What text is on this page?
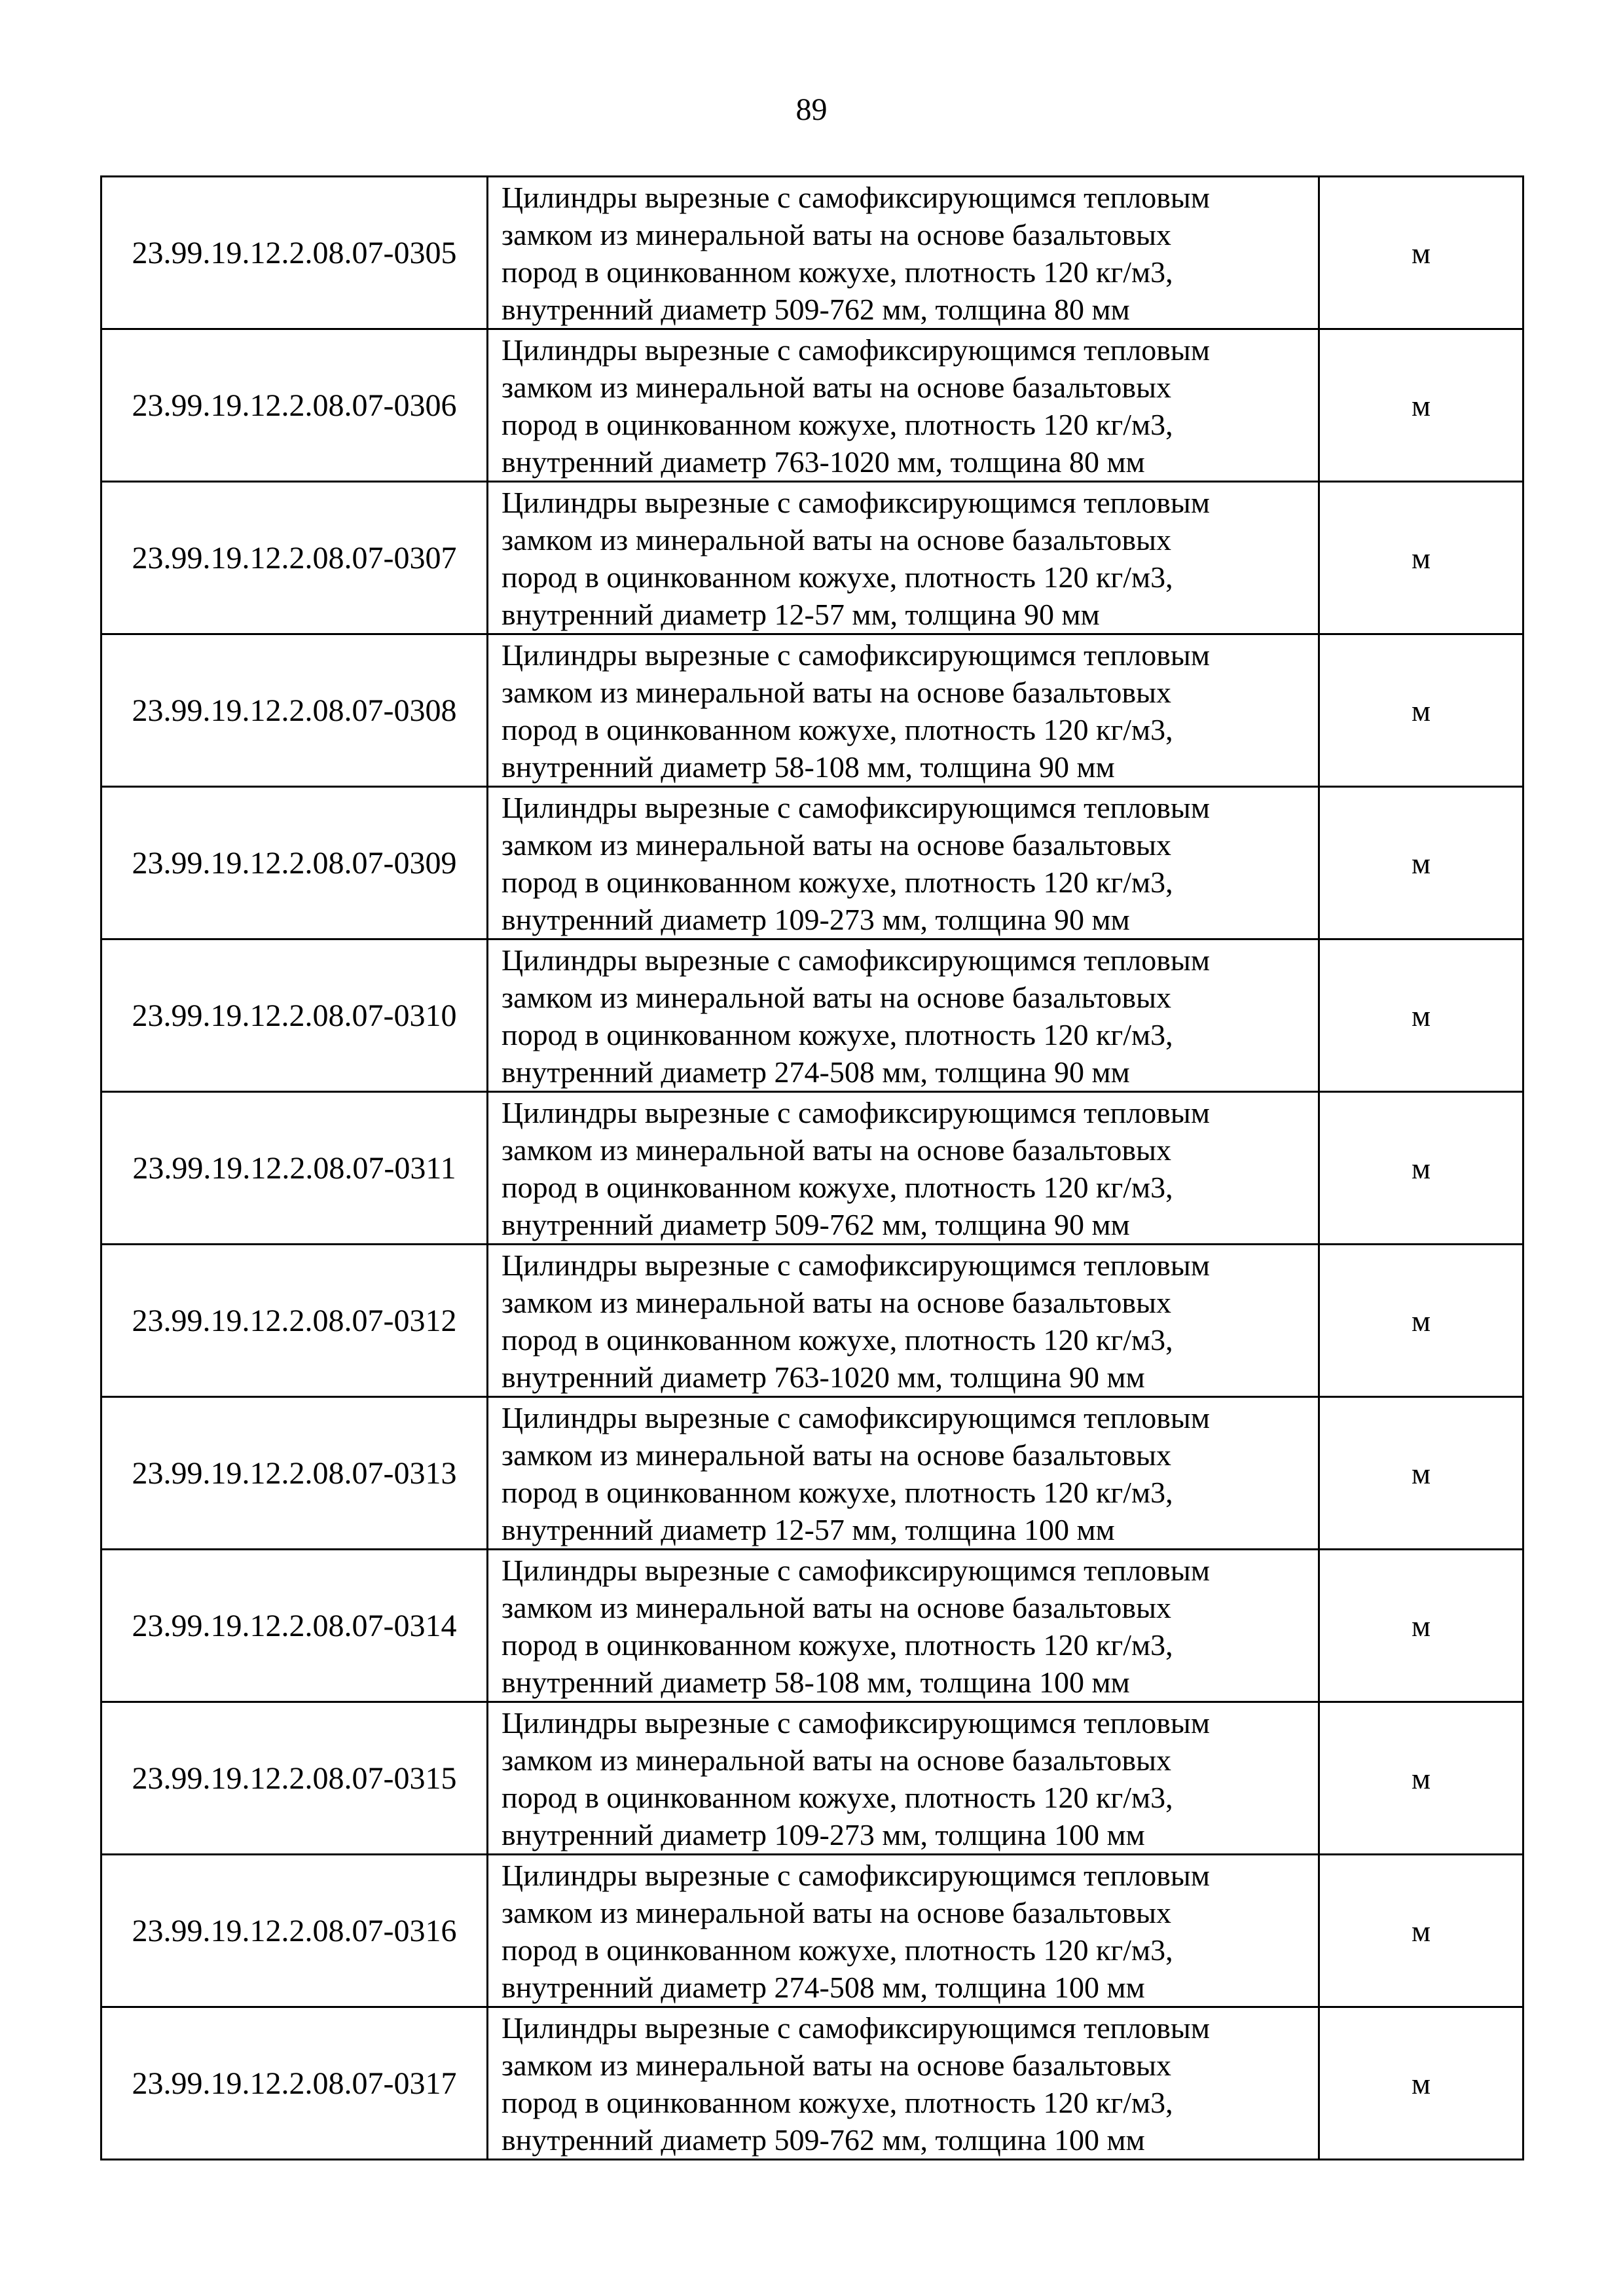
89
23.99.19.12.2.08.07-0305	Цилиндры вырезные с самофиксирующимся тепловым
замком из минеральной ваты на основе базальтовых
пород в оцинкованном кожухе, плотность 120 кг/м3,
внутренний диаметр 509-762 мм, толщина 80 мм	м
23.99.19.12.2.08.07-0306	Цилиндры вырезные с самофиксирующимся тепловым
замком из минеральной ваты на основе базальтовых
пород в оцинкованном кожухе, плотность 120 кг/м3,
внутренний диаметр 763-1020 мм, толщина 80 мм	м
23.99.19.12.2.08.07-0307	Цилиндры вырезные с самофиксирующимся тепловым
замком из минеральной ваты на основе базальтовых
пород в оцинкованном кожухе, плотность 120 кг/м3,
внутренний диаметр 12-57 мм, толщина 90 мм	м
23.99.19.12.2.08.07-0308	Цилиндры вырезные с самофиксирующимся тепловым
замком из минеральной ваты на основе базальтовых
пород в оцинкованном кожухе, плотность 120 кг/м3,
внутренний диаметр 58-108 мм, толщина 90 мм	м
23.99.19.12.2.08.07-0309	Цилиндры вырезные с самофиксирующимся тепловым
замком из минеральной ваты на основе базальтовых
пород в оцинкованном кожухе, плотность 120 кг/м3,
внутренний диаметр 109-273 мм, толщина 90 мм	м
23.99.19.12.2.08.07-0310	Цилиндры вырезные с самофиксирующимся тепловым
замком из минеральной ваты на основе базальтовых
пород в оцинкованном кожухе, плотность 120 кг/м3,
внутренний диаметр 274-508 мм, толщина 90 мм	м
23.99.19.12.2.08.07-0311	Цилиндры вырезные с самофиксирующимся тепловым
замком из минеральной ваты на основе базальтовых
пород в оцинкованном кожухе, плотность 120 кг/м3,
внутренний диаметр 509-762 мм, толщина 90 мм	м
23.99.19.12.2.08.07-0312	Цилиндры вырезные с самофиксирующимся тепловым
замком из минеральной ваты на основе базальтовых
пород в оцинкованном кожухе, плотность 120 кг/м3,
внутренний диаметр 763-1020 мм, толщина 90 мм	м
23.99.19.12.2.08.07-0313	Цилиндры вырезные с самофиксирующимся тепловым
замком из минеральной ваты на основе базальтовых
пород в оцинкованном кожухе, плотность 120 кг/м3,
внутренний диаметр 12-57 мм, толщина 100 мм	м
23.99.19.12.2.08.07-0314	Цилиндры вырезные с самофиксирующимся тепловым
замком из минеральной ваты на основе базальтовых
пород в оцинкованном кожухе, плотность 120 кг/м3,
внутренний диаметр 58-108 мм, толщина 100 мм	м
23.99.19.12.2.08.07-0315	Цилиндры вырезные с самофиксирующимся тепловым
замком из минеральной ваты на основе базальтовых
пород в оцинкованном кожухе, плотность 120 кг/м3,
внутренний диаметр 109-273 мм, толщина 100 мм	м
23.99.19.12.2.08.07-0316	Цилиндры вырезные с самофиксирующимся тепловым
замком из минеральной ваты на основе базальтовых
пород в оцинкованном кожухе, плотность 120 кг/м3,
внутренний диаметр 274-508 мм, толщина 100 мм	м
23.99.19.12.2.08.07-0317	Цилиндры вырезные с самофиксирующимся тепловым
замком из минеральной ваты на основе базальтовых
пород в оцинкованном кожухе, плотность 120 кг/м3,
внутренний диаметр 509-762 мм, толщина 100 мм	м
